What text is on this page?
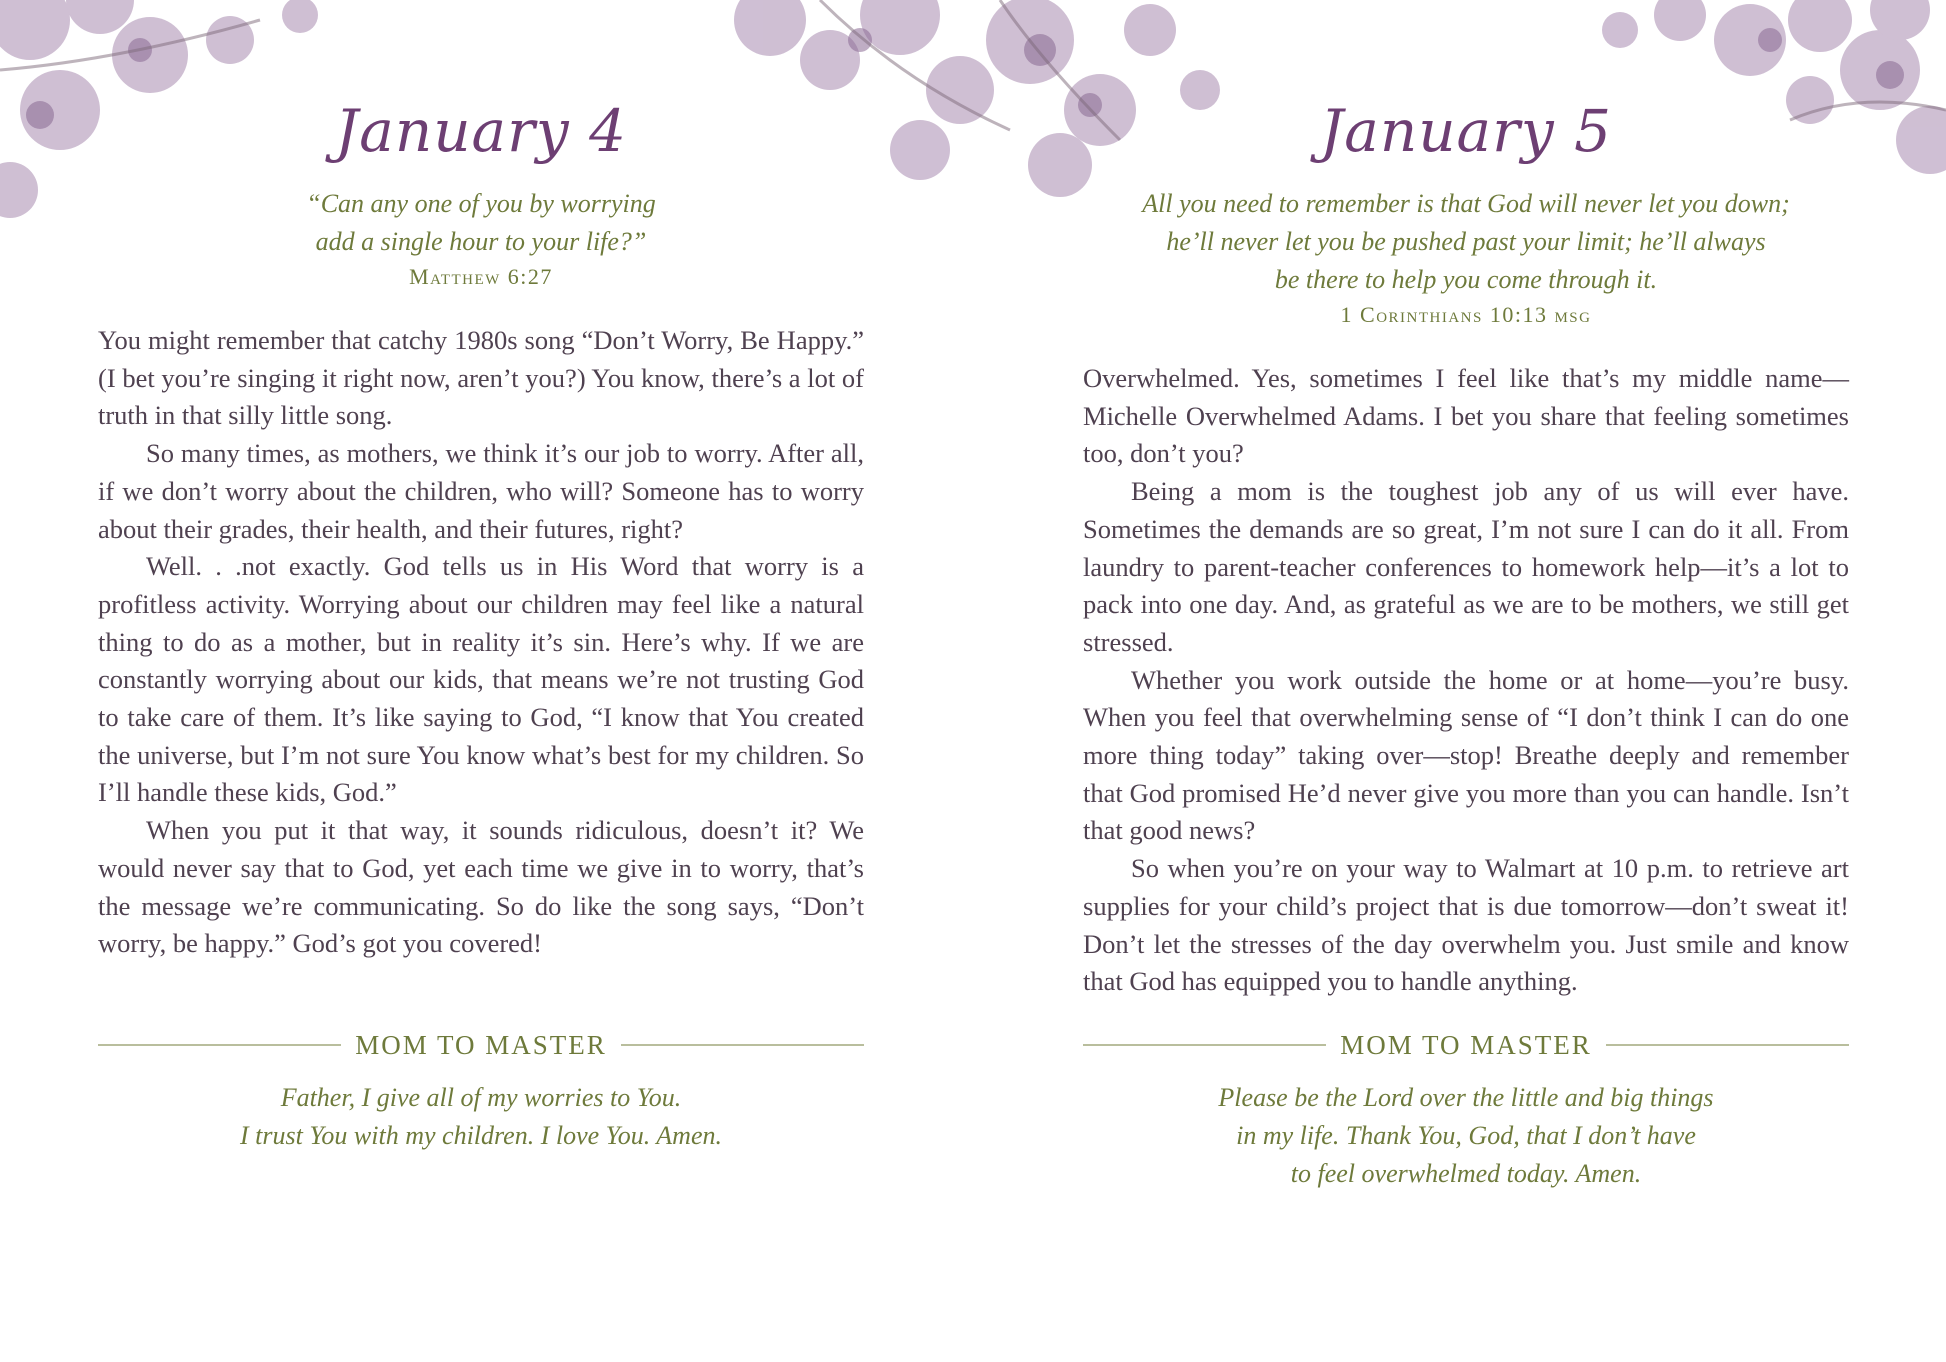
January 4
“Can any one of you by worrying
add a single hour to your life?”
Matthew 6:27

You might remember that catchy 1980s song “Don’t Worry, Be Happy.” (I bet you’re singing it right now, aren’t you?) You know, there’s a lot of truth in that silly little song.

So many times, as mothers, we think it’s our job to worry. After all, if we don’t worry about the children, who will? Someone has to worry about their grades, their health, and their futures, right?

Well. . .not exactly. God tells us in His Word that worry is a profitless activity. Worrying about our children may feel like a natural thing to do as a mother, but in reality it’s sin. Here’s why. If we are constantly worrying about our kids, that means we’re not trusting God to take care of them. It’s like saying to God, “I know that You created the universe, but I’m not sure You know what’s best for my children. So I’ll handle these kids, God.”

When you put it that way, it sounds ridiculous, doesn’t it? We would never say that to God, yet each time we give in to worry, that’s the message we’re communicating. So do like the song says, “Don’t worry, be happy.” God’s got you covered!

MOM TO MASTER
Father, I give all of my worries to You.
I trust You with my children. I love You. Amen.
January 5
All you need to remember is that God will never let you down;
he’ll never let you be pushed past your limit; he’ll always
be there to help you come through it.
1 Corinthians 10:13 msg

Overwhelmed. Yes, sometimes I feel like that’s my middle name—Michelle Overwhelmed Adams. I bet you share that feeling sometimes too, don’t you?

Being a mom is the toughest job any of us will ever have. Sometimes the demands are so great, I’m not sure I can do it all. From laundry to parent-teacher conferences to homework help—it’s a lot to pack into one day. And, as grateful as we are to be mothers, we still get stressed.

Whether you work outside the home or at home—you’re busy. When you feel that overwhelming sense of “I don’t think I can do one more thing today” taking over—stop! Breathe deeply and remember that God promised He’d never give you more than you can handle. Isn’t that good news?

So when you’re on your way to Walmart at 10 p.m. to retrieve art supplies for your child’s project that is due tomorrow—don’t sweat it! Don’t let the stresses of the day overwhelm you. Just smile and know that God has equipped you to handle anything.

MOM TO MASTER
Please be the Lord over the little and big things
in my life. Thank You, God, that I don’t have
to feel overwhelmed today. Amen.
